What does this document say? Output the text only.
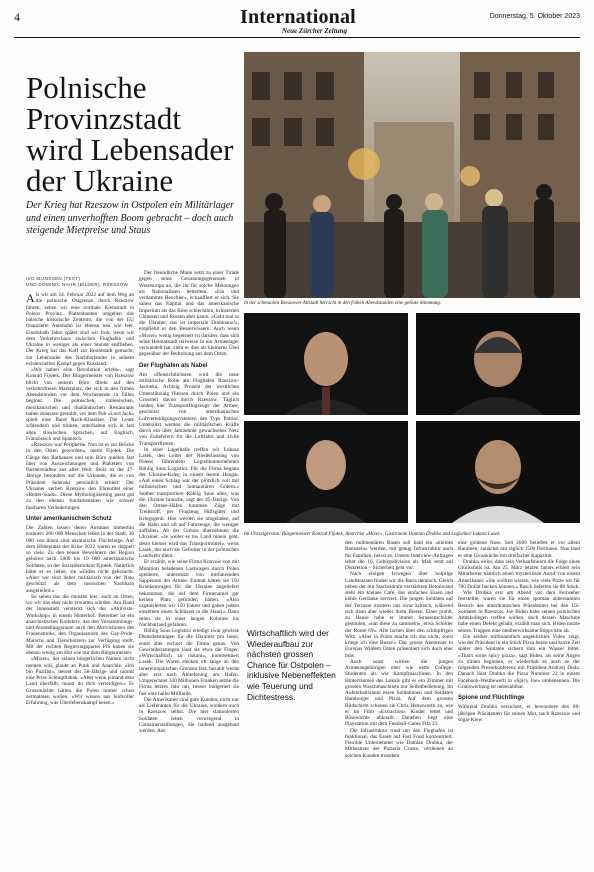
4	International
Neue Zürcher Zeitung
Donnerstag, 5. Oktober 2023
Polnische Provinzstadt wird Lebensader der Ukraine

Der Krieg hat Rzeszow in Ostpolen ein Militärlager und einen unverhofften Boom gebracht – doch auch steigende Mietpreise und Staus

IVO MIJNSSEN (TEXT)
UND DOMINIC NAHR (BILDER), RZESZOW

In der schmucken Rzeszower Altstadt herrscht in den frühen Abendstunden eine gelöste Stimmung.

Im Uhrzeigersinn: Bürgermeister Konrad Fijołek, Anarchist «Mixer», Gastronom Damian Drubka und Logistiker Łukasz Lasek.

Als wir am 24. Februar 2022 auf dem Weg an die polnische Ostgrenze durch Rzeszow fahren, sehen wir eine normale Kleinstadt in Polens Provinz. Plattenbauten umgeben das hübsche historische Zentrum, die von der EU finanzierte Autobahn ist ebenso neu wie leer. Eineinhalb Jahre später sind wir froh, wenn wir dem Verkehrschaos zwischen Flughafen und Ukraine in weniger als einer Stunde entfliehen. Der Krieg hat das Kaff zur Boomstadt gemacht, zur Lebensader des Nachbarlandes in seinem existenziellen Kampf gegen Russland.

«Wir haben eine Revolution erlebt», sagt Konrad Fijołek. Der Bürgermeister von Rzeszow blickt von seinem Büro direkt auf den verkehrsfreien Marktplatz, der sich in den frühen Abendstunden vor dem Wochenende zu füllen beginnt. Die polnischen, italienischen, mexikanischen und thailändischen Restaurants haben draussen gestuhlt, vor dem Pub «Lord Jack» spielt eine Band Rock-Klassiker. Die Leute schlendern und trinken, unterhalten sich in fast allen slawischen Sprachen, auf Englisch, Französisch und Spanisch.

«Rzeszow war Peripherie. Nun ist es zur Brücke in den Osten geworden», meint Fijołek. Die Gänge des Rathauses und sein Büro quellen fast über von Auszeichnungen und Plaketten von Partnerstädten aus aller Welt. Stolz ist der 47-Jährige besonders auf die Urkunde, die er von Präsident Selenski persönlich erhielt: Der Ukrainer verlieh Rzeszow den Ehrentitel einer «Retter-Stadt». Diese Mythologisierung passt gut zu den ebenso fundamentalen wie schwer fassbaren Veränderungen.

Unter amerikanischem Schutz

Die Zahlen lassen deren Ausmass immerhin erahnen: 200 000 Menschen leben in der Stadt, 30 000 von ihnen sind ukrainische Flüchtlinge. Auf dem Höhepunkt der Krise 2022 waren es doppelt so viele. Zu den neuen Bewohnern der Region gehören auch 5000 bis 10 000 amerikanische Soldaten, so der Sozialdemokrat Fijołek. Natürlich hätte er es lieber, sie würden nicht gebraucht. «Aber wir sind lieber militärisch von der Nato geschützt als dem russischen Nachbarn ausgeliefert.»

So sehen das die meisten hier, auch an Orten, wo wir das eher nicht erwarten würden. Am Rand der Innenstadt versteckt sich der «Aktivists-Workshop» in einem Hinterhof. Betreiber ist ein anarchistisches Kollektiv, das den Versammlungs- und Ausstellungsraum auch den Aktivistinnen des Frauenstreiks, den Organisatoren des Gay-Pride-Marschs und Tierschützern zur Verfügung stellt. Mit der rechten Regierungspartei PiS haben sie ebenso wenig am Hut wie mit dem Bürgermeister.

«Mixer», der seinen bürgerlichen Namen nicht nennen will, glaubt an Punk und Anarchie. «Ich bin Pazifist», betont der 56-Jährige und nimmt eine Prise Schnupftabak. «Aber wenn jemand dein Land überfällt, musst du dich verteidigen.» Er Grossmächte hätten die Polen immer schon zermalmen wollen. «Wir wissen aus leidvoller Erfahrung, was Überlebenskampf heisst.»

Der freundliche Mann setzt zu einer Tirade gegen seine Gesinnungsgenossen in Westeuropa an, die ihr für solche Meinungen als Nationalisten beiteltten. «Ein und verdammte Heuchler», echauffiert er sich. Sie sähen das Kapital und das amerikanische Imperium als das Böse schlechthin, kritisierten Chinesen und Russen aber kaum. «Geht mal in die Ukraine, das ist imperiale Dominanz!», empfiehlt er den Besserwissern. Auch wenn «Mixer» wenig begeistert ist darüber, dass sich seine Heimatstadt teilweise in ein Armeelager verwandelt hat, sieht er dies als kleineres Übel gegenüber der Bedrohung aus dem Osten.

Der Flughafen als Nabel

Am offensichtlichsten wird die neue militärische Rolle am Flughafen Rzeszow-Jasionka. Achtzig Prozent der westlichen Unterstützung fliessen durch Polen und ein Grossteil davon durch Rzeszow. Täglich landen hier Transportflugzeuge der Armee, geschützt von amerikanischen Luftverteidigungssystemen des Typs Patriot. Untersützt werden die militärischen Kräfte durch ein über Jahrzehnte gewachsenes Netz von Zulieferern für die Luftfahrt und zivile Transportfirmen.

In einer Lagerhalle treffen wir Łukasz Lasek, den Leiter der Niederlassung von Polens führendem Logistikunternehmen Röhlig Suus Logistics. Für die Firma begann der Ukraine-Krieg in einem leeren Hangar. «Auf einen Schlag war der plötzlich voll mit militärischen und humanitären Gütern.» Seither transportiere Röhlig Suus alles, was die Ukraine brauche, sagt der 45-Jährige. Von den Ostsee-Häfen kommen Züge mit Treibstoff, per Flugzeug Hilfsgüter und Kriegsgerät. Hier werden sie umgeladen, auf die Bahn und oft auf Fahrzeuge, die weniger auffallen. Ab der Grenze übernehmen die Ukrainer. «Je weiter es ins Land hinein geht, desto kleiner wird das Transportmittel», weiss Lasek, der auch als Gefreiter in der polnischen Landwehr dient.

Er erzählt, wie seine Firma Konvois von mit Munition beladenen Lastwagen durch Polen spedierte, unterstützt von mitfahrenden Sappeuren der Armee. Einmal hätten sie 150 Krankenwagen für die Ukraine angeliefert bekommen, die auf dem Firmenareal gar keinen Platz gefunden hätten. «Also organisierten wir 150 Fahrer und gaben jedem einzelnen einen Schlüssel in die Hand.» Dann seien sie in einer langen Kolonne ins Nachbarland gefahren.

Röhlig Suus Logistics erledigt zwar gewisse Dienstleistungen für die Ukrainer pro bono, sonst aber rechnet die Firma genau. Von Gewinnberatungen lässt sie etwa die Finger. «Wirtschaftlich zu riskant», kommentiert Lasek. Die Waren stecken oft lange an den innereuropäischen Grenzen fest, bezahlt werde aber erst nach Ablieferung am Hafen. Umgerechnet 330 Millionen Franken setzte die Firma letztes Jahr um, besser budgetiert sie fast eine halbe Milliarde.

Die Amerikaner sind gute Kunden, nicht nur als Lieferanten für die Ukraine, sondern auch in Rzeszow selbst. Die hier stationierten Soldaten leben vorwiegend in Containersiedlungen, die laufend ausgebaut werden. Aus

Wirtschaftlich wird der Wiederaufbau zur nächsten grossen Chance für Ostpolen – inklusive Nebeneffekten wie Teuerung und Dichtestress.

den rudimentären Basen soll bald ein «kleines Ramstein» werden, mit genug Infrastruktur auch für Familien, heisst es. Unsere Interview-Anfragen lehnt die 10. Gebirgsdivision ab. Man setzt auf Diskretion – Sicherheit geht vor.

Nach einigen Irrwegen über holprige Landstrassen finden wir die Basis dennoch. Gleich neben der mit Stacheldraht verstärkten Betonwand steht ein kleines Café, das einfaches Essen und kühle Getränke serviert. Die jungen Soldaten auf der Terrasse mustern uns zwar kritisch, während sich dann aber wieder ihren Bieren. Einer prahlt, zu Hause habe er immer Strassenschilder gestohlen, «um diese zu sammeln», etwa Schilder der Route 69». Alle lachen über den schlüpfrigen Witz. «Aber in Polen mache ich das nicht, sonst kriege ich eine Busse.» Das grosse Abenteuer in Europas Wildem Osten präsentiert sich doch eher brav.

Auch sonst wirken die jungen Armeeangehörigen eher wie nette College-Studenten als wie Kampfmaschinen. In den Hinterräumen des Lokals gibt es ein Zimmer mit grossen Waschmaschinen zur Selbstbedienung. Im Aufenthaltsraum essen Soldatinnen und Soldaten Hamburger und Pizza. Auf dem grossen Bildschirm schauen sie Chris Hemsworth zu, wie er im Film «Extraction» Kinder rettet und Bösewichte abknallt. Daneben liegt eine Playstation mit dem Fussball-Game Fifa 23.

Die Infrastruktur rund um den Flughafen ist funktional, das Essen auf Fast Food konzentriert. Flexible Unternehmer wie Damian Drubka, der Mitbesitzer der Pizzeria Crusto, verdienen an solchen Kunden trotzdem

eine goldene Nase. Seit 2009 beliefert er vor allem Kantinen, zunächst mit täglich 1500 Portionen. Nun baut er eine Grossküche mit dreifacher Kapazität.

Drubka weiss, dass sein Verkaufsboom die Folge eines Glücksfalls ist. Am 25. März letzten Jahres erhielt sein Mitarbeiter nämlich einen mysteriösen Anruf von einem Amerikaner. «Sie wollten wissen, wie viele Pizze wir für 700 Dollar backen können.» Rasch lieferten sie 88 Stück.

Wie Drubka erst am Abend vor dem Fernseher feststellte, waren sie für einen spontan anberaumten Besuch des amerikanischen Präsidenten bei den US-Soldaten in Rzeszow. Joe Biden habe seinen polnischen Amtskollegen treffen wollen, doch dessen Maschine habe einen Defekt gehabt, erzählt man sich. Biden nutzte seinen Truppen eine medienwirksame Stippvisite ab.

Ein seither millionenfach angeklicktes Video zeigt, wie der Präsident in ein Stück Pizza beisst und kurze Zeit später den Soldaten sichern ihm ein Wasser bittet. «That's some spicy pizza», sagt Biden, als seine Augen zu tränen beginnen, er wiederholt es auch an der folgenden Pressekonferenz mit Präsident Andrzej Duda. Danach lässt Drubka die Pizza Nummer 22 in einem Facebook-Wettbewerb in «Spicy Joe» umbenennen. Die Gratiswerbung ist unbezahlbar.

Spione und Flüchtlinge

Während Drubka versichert, er bewundere den 80-jährigen Präsidenten für seinen Mut, nach Rzeszow und sogar Kiew
